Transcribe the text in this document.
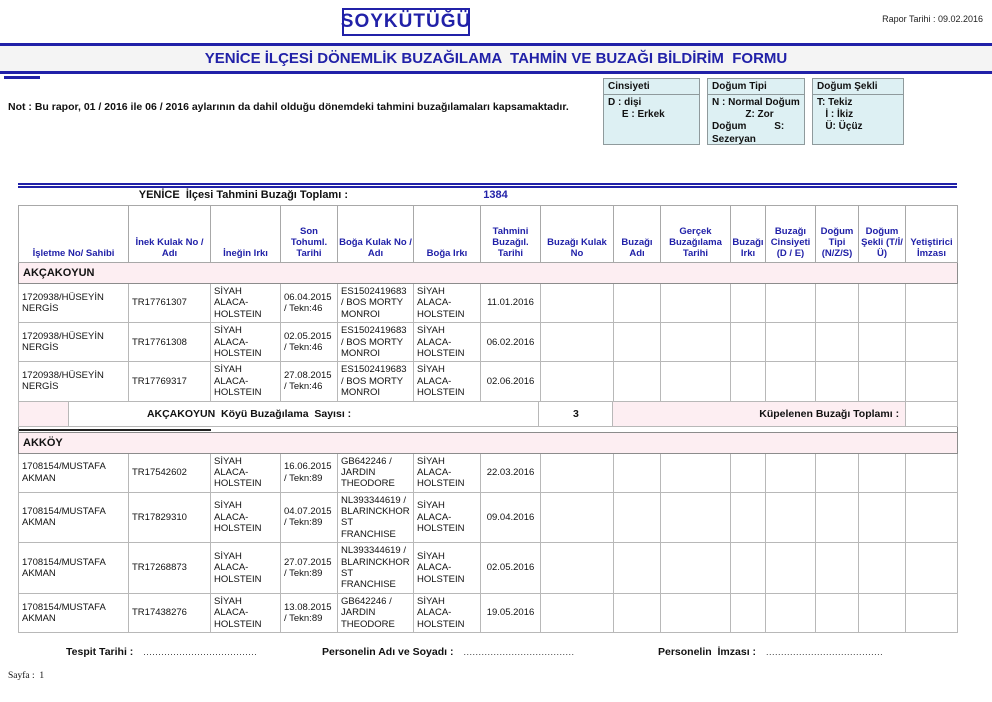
SOYKÜTÜĞÜ	Rapor Tarihi : 09.02.2016
YENİCE İLÇESİ DÖNEMLİK BUZAĞILAMA  TAHMİN VE BUZAĞI BİLDİRİM  FORMU
Not : Bu rapor, 01 / 2016 ile 06 / 2016 aylarının da dahil olduğu dönemdeki tahmini buzağılamaları kapsamaktadır.
Cinsiyeti
D : dişi
E : Erkek
Doğum Tipi
N : Normal Doğum
Z: Zor
Doğum          S:
Sezeryan
Doğum Şekli
T: Tekiz
İ : İkiz
Ü: Üçüz
YENİCE  İlçesi Tahmini Buzağı Toplamı :	1384
İşletme No/ Sahibi	İnek Kulak No / Adı	İneğin Irkı	Son Tohuml. Tarihi	Boğa Kulak No / Adı	Boğa Irkı	Tahmini Buzağıl. Tarihi	Buzağı Kulak No	Buzağı Adı	Gerçek Buzağılama Tarihi	Buzağı Irkı	Buzağı Cinsiyeti (D / E)	Doğum Tipi (N/Z/S)	Doğum Şekli (T/İ/Ü)	Yetiştirici İmzası
AKÇAKOYUN														
1720938/HÜSEYİN NERGİS	TR17761307	SİYAH ALACA-HOLSTEIN	06.04.2015/ Tekn:46	ES1502419683 / BOS MORTY MONROI	SİYAH ALACA-HOLSTEIN	11.01.2016								
1720938/HÜSEYİN NERGİS	TR17761308	SİYAH ALACA-HOLSTEIN	02.05.2015/ Tekn:46	ES1502419683 / BOS MORTY MONROI	SİYAH ALACA-HOLSTEIN	06.02.2016								
1720938/HÜSEYİN NERGİS	TR17769317	SİYAH ALACA-HOLSTEIN	27.08.2015/ Tekn:46	ES1502419683 / BOS MORTY MONROI	SİYAH ALACA-HOLSTEIN	02.06.2016								

AKÇAKOYUN  Köyü Buzağılama  Sayısı : 3 Küpelenen Buzağı Toplamı :														

AKKÖY														
1708154/MUSTAFA AKMAN	TR17542602	SİYAH ALACA-HOLSTEIN	16.06.2015/ Tekn:89	GB642246 / JARDIN THEODORE	SİYAH ALACA-HOLSTEIN	22.03.2016								
1708154/MUSTAFA AKMAN	TR17829310	SİYAH ALACA-HOLSTEIN	04.07.2015/ Tekn:89	NL393344619 / BLARINCKHORST FRANCHISE	SİYAH ALACA-HOLSTEIN	09.04.2016								
1708154/MUSTAFA AKMAN	TR17268873	SİYAH ALACA-HOLSTEIN	27.07.2015/ Tekn:89	NL393344619 / BLARINCKHORST FRANCHISE	SİYAH ALACA-HOLSTEIN	02.05.2016								
1708154/MUSTAFA AKMAN	TR17438276	SİYAH ALACA-HOLSTEIN	13.08.2015/ Tekn:89	GB642246 / JARDIN THEODORE	SİYAH ALACA-HOLSTEIN	19.05.2016								
Tespit Tarihi : ......................................	Personelin Adı ve Soyadı : .....................................	Personelin  İmzası : .......................................
Sayfa :  1
